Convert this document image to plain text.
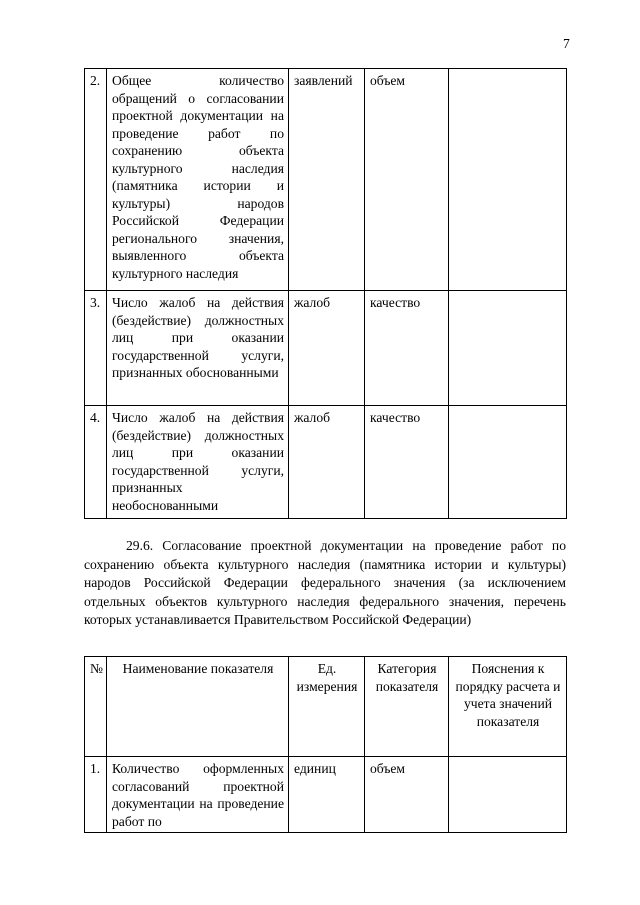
7
2.	Общее количество обращений о согласовании проектной документации на проведение работ по сохранению объекта культурного наследия (памятника истории и культуры) народов Российской Федерации регионального значения, выявленного объекта культурного наследия	заявлений	объем	
3.	Число жалоб на действия (бездействие) должностных лиц при оказании государственной услуги, признанных обоснованными	жалоб	качество	
4.	Число жалоб на действия (бездействие) должностных лиц при оказании государственной услуги, признанных необоснованными	жалоб	качество	
29.6. Согласование проектной документации на проведение работ по сохранению объекта культурного наследия (памятника истории и культуры) народов Российской Федерации федерального значения (за исключением отдельных объектов культурного наследия федерального значения, перечень которых устанавливается Правительством Российской Федерации)
№	Наименование показателя	Ед. измерения	Категория показателя	Пояснения к порядку расчета и учета значений показателя
1.	Количество оформленных согласований проектной документации на проведение работ по	единиц	объем	
